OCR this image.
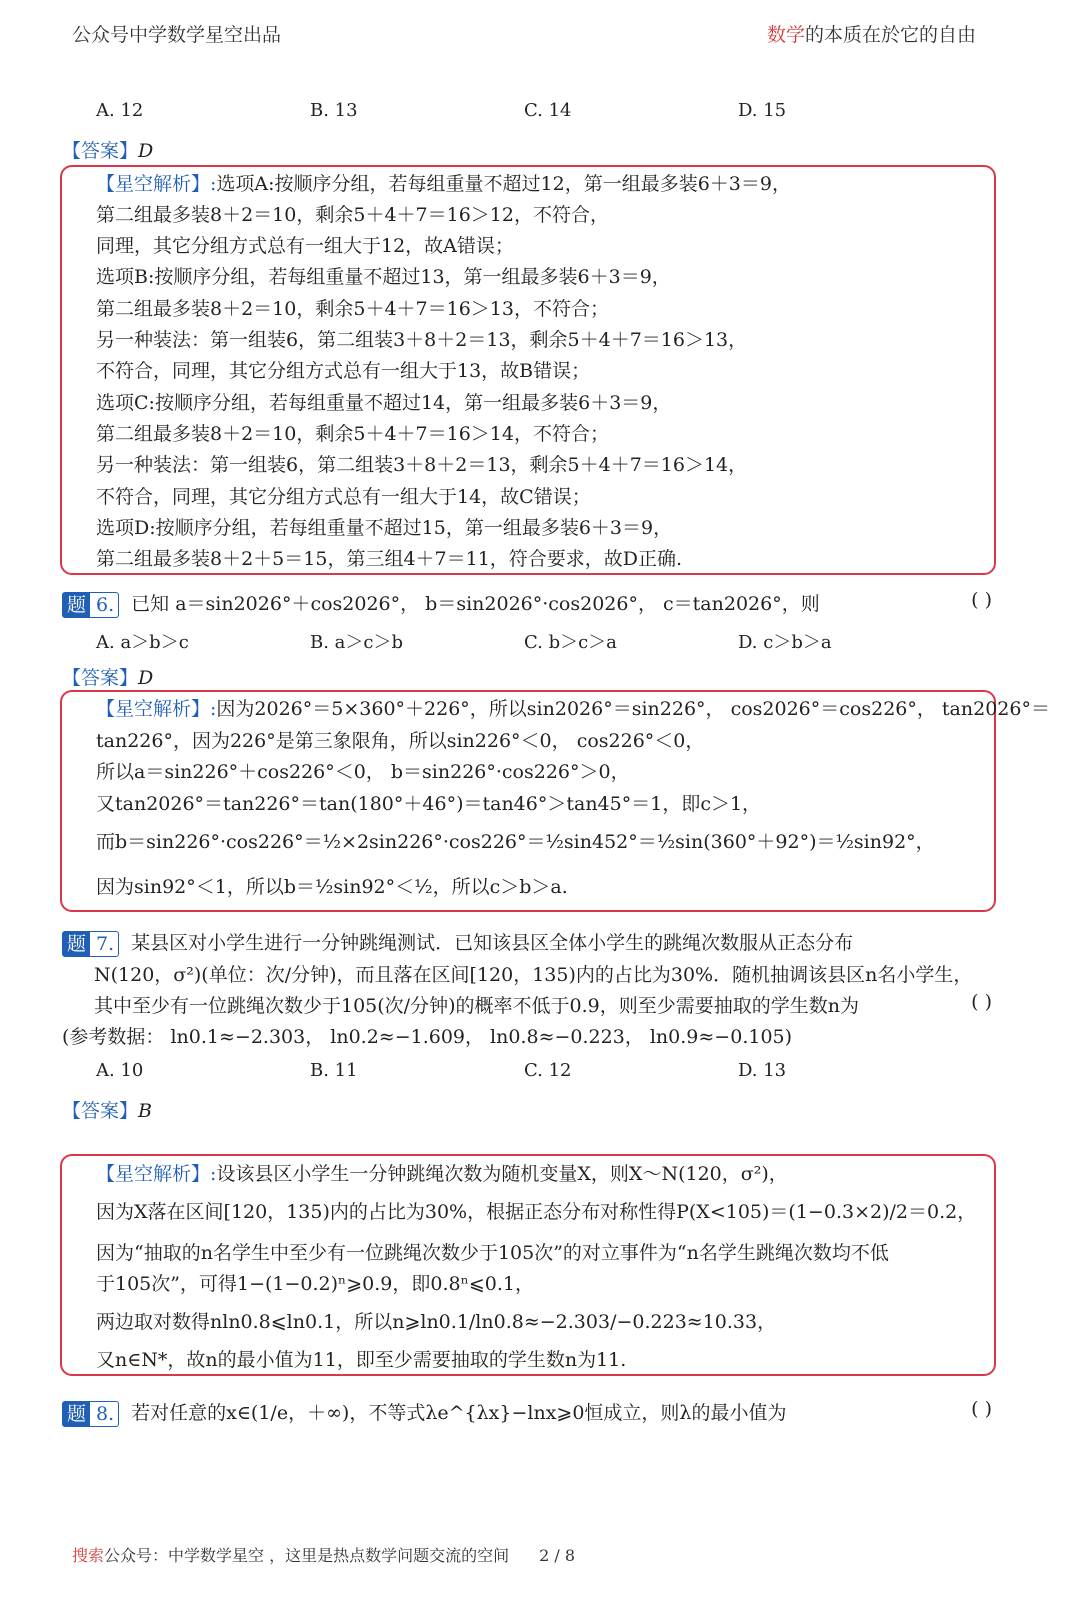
公众号中学数学星空出品	数学的本质在於它的自由
A. 12	B. 13	C. 14	D. 15
【答案】D
【星空解析】:选项A:按顺序分组，若每组重量不超过12，第一组最多装6＋3＝9，
第二组最多装8＋2＝10，剩余5＋4＋7＝16＞12，不符合，
同理，其它分组方式总有一组大于12，故A错误；
选项B:按顺序分组，若每组重量不超过13，第一组最多装6＋3＝9，
第二组最多装8＋2＝10，剩余5＋4＋7＝16＞13，不符合；
另一种装法：第一组装6，第二组装3＋8＋2＝13，剩余5＋4＋7＝16＞13，
不符合，同理，其它分组方式总有一组大于13，故B错误；
选项C:按顺序分组，若每组重量不超过14，第一组最多装6＋3＝9，
第二组最多装8＋2＝10，剩余5＋4＋7＝16＞14，不符合；
另一种装法：第一组装6，第二组装3＋8＋2＝13，剩余5＋4＋7＝16＞14，
不符合，同理，其它分组方式总有一组大于14，故C错误；
选项D:按顺序分组，若每组重量不超过15，第一组最多装6＋3＝9，
第二组最多装8＋2＋5＝15，第三组4＋7＝11，符合要求，故D正确.
题 6. 已知 a＝sin2026°＋cos2026°， b＝sin2026°·cos2026°， c＝tan2026°，则	( )
A. a＞b＞c	B. a＞c＞b	C. b＞c＞a	D. c＞b＞a
【答案】D
【星空解析】:因为2026°＝5×360°＋226°，所以sin2026°＝sin226°， cos2026°＝cos226°， tan2026°＝
tan226°，因为226°是第三象限角，所以sin226°＜0， cos226°＜0，
所以a＝sin226°＋cos226°＜0， b＝sin226°·cos226°＞0，
又tan2026°＝tan226°＝tan(180°＋46°)＝tan46°＞tan45°＝1，即c＞1，
而b＝sin226°·cos226°＝½×2sin226°·cos226°＝½sin452°＝½sin(360°＋92°)＝½sin92°，
因为sin92°＜1，所以b＝½sin92°＜½，所以c＞b＞a.
题 7. 某县区对小学生进行一分钟跳绳测试．已知该县区全体小学生的跳绳次数服从正态分布
N(120，σ²)(单位：次/分钟)，而且落在区间[120，135)内的占比为30%．随机抽调该县区n名小学生，
其中至少有一位跳绳次数少于105(次/分钟)的概率不低于0.9，则至少需要抽取的学生数n为	( )
(参考数据： ln0.1≈−2.303， ln0.2≈−1.609， ln0.8≈−0.223， ln0.9≈−0.105)
A. 10	B. 11	C. 12	D. 13
【答案】B
【星空解析】:设该县区小学生一分钟跳绳次数为随机变量X，则X～N(120，σ²)，
因为X落在区间[120，135)内的占比为30%，根据正态分布对称性得P(X<105)＝(1−0.3×2)/2＝0.2，
因为“抽取的n名学生中至少有一位跳绳次数少于105次”的对立事件为“n名学生跳绳次数均不低
于105次”，可得1−(1−0.2)ⁿ⩾0.9，即0.8ⁿ⩽0.1，
两边取对数得nln0.8⩽ln0.1，所以n⩾ln0.1/ln0.8≈−2.303/−0.223≈10.33，
又n∈N*，故n的最小值为11，即至少需要抽取的学生数n为11.
题 8. 若对任意的x∈(1/e，＋∞)，不等式λe^{λx}−lnx⩾0恒成立，则λ的最小值为	( )
搜索公众号：中学数学星空 ，这里是热点数学问题交流的空间 2 / 8
